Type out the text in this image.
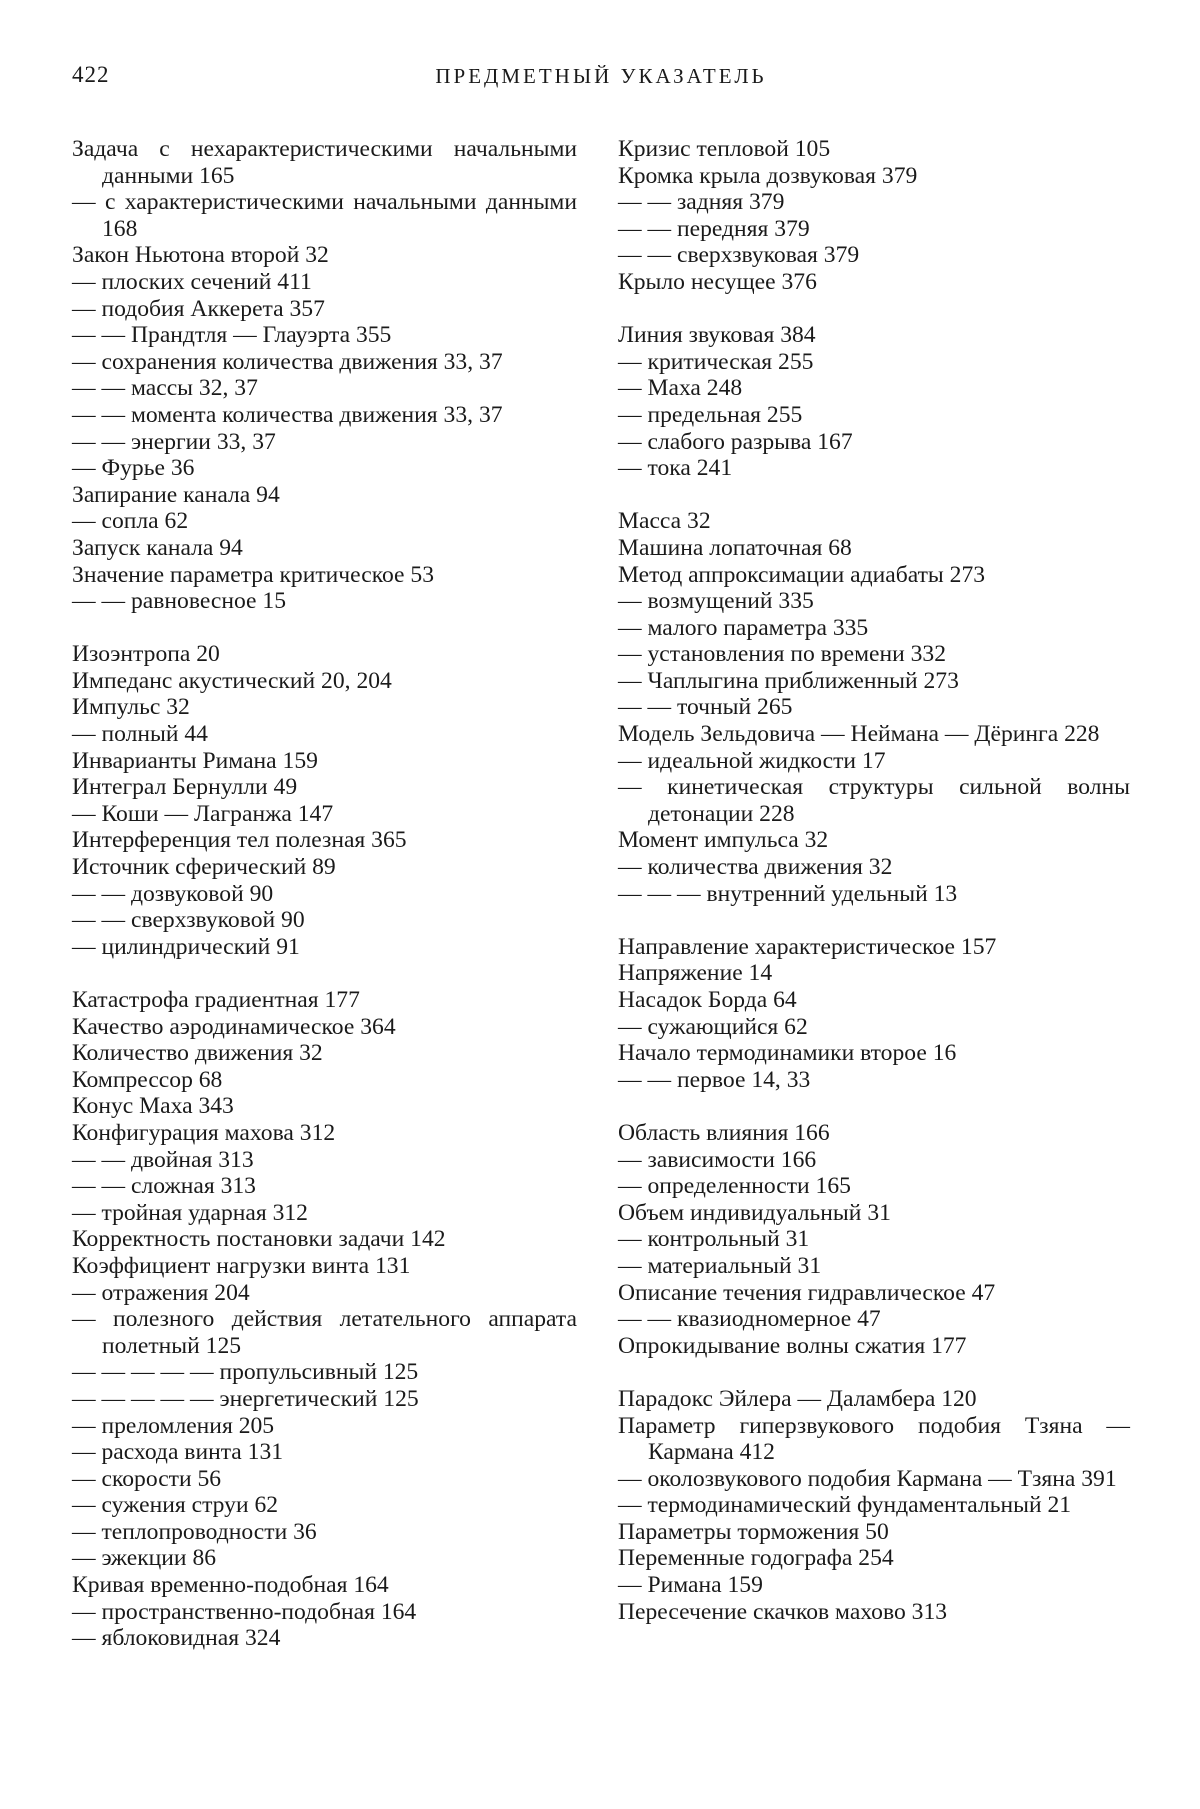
422	ПРЕДМЕТНЫЙ УКАЗАТЕЛЬ
Задача с нехарактеристическими начальными данными 165
— с характеристическими начальными данными 168
Закон Ньютона второй 32
— плоских сечений 411
— подобия Аккерета 357
— — Прандтля — Глауэрта 355
— сохранения количества движения 33, 37
— — массы 32, 37
— — момента количества движения 33, 37
— — энергии 33, 37
— Фурье 36
Запирание канала 94
— сопла 62
Запуск канала 94
Значение параметра критическое 53
— — равновесное 15
Изоэнтропа 20
Импеданс акустический 20, 204
Импульс 32
— полный 44
Инварианты Римана 159
Интеграл Бернулли 49
— Коши — Лагранжа 147
Интерференция тел полезная 365
Источник сферический 89
— — дозвуковой 90
— — сверхзвуковой 90
— цилиндрический 91
Катастрофа градиентная 177
Качество аэродинамическое 364
Количество движения 32
Компрессор 68
Конус Маха 343
Конфигурация махова 312
— — двойная 313
— — сложная 313
— тройная ударная 312
Корректность постановки задачи 142
Коэффициент нагрузки винта 131
— отражения 204
— полезного действия летательного аппарата полетный 125
— — — — — пропульсивный 125
— — — — — энергетический 125
— преломления 205
— расхода винта 131
— скорости 56
— сужения струи 62
— теплопроводности 36
— эжекции 86
Кривая временно-подобная 164
— пространственно-подобная 164
— яблоковидная 324
Кризис тепловой 105
Кромка крыла дозвуковая 379
— — задняя 379
— — передняя 379
— — сверхзвуковая 379
Крыло несущее 376
Линия звуковая 384
— критическая 255
— Маха 248
— предельная 255
— слабого разрыва 167
— тока 241
Масса 32
Машина лопаточная 68
Метод аппроксимации адиабаты 273
— возмущений 335
— малого параметра 335
— установления по времени 332
— Чаплыгина приближенный 273
— — точный 265
Модель Зельдовича — Неймана — Дёринга 228
— идеальной жидкости 17
— кинетическая структуры сильной волны детонации 228
Момент импульса 32
— количества движения 32
— — — внутренний удельный 13
Направление характеристическое 157
Напряжение 14
Насадок Борда 64
— сужающийся 62
Начало термодинамики второе 16
— — первое 14, 33
Область влияния 166
— зависимости 166
— определенности 165
Объем индивидуальный 31
— контрольный 31
— материальный 31
Описание течения гидравлическое 47
— — квазиодномерное 47
Опрокидывание волны сжатия 177
Парадокс Эйлера — Даламбера 120
Параметр гиперзвукового подобия Тзяна — Кармана 412
— околозвукового подобия Кармана — Тзяна 391
— термодинамический фундаментальный 21
Параметры торможения 50
Переменные годографа 254
— Римана 159
Пересечение скачков махово 313
